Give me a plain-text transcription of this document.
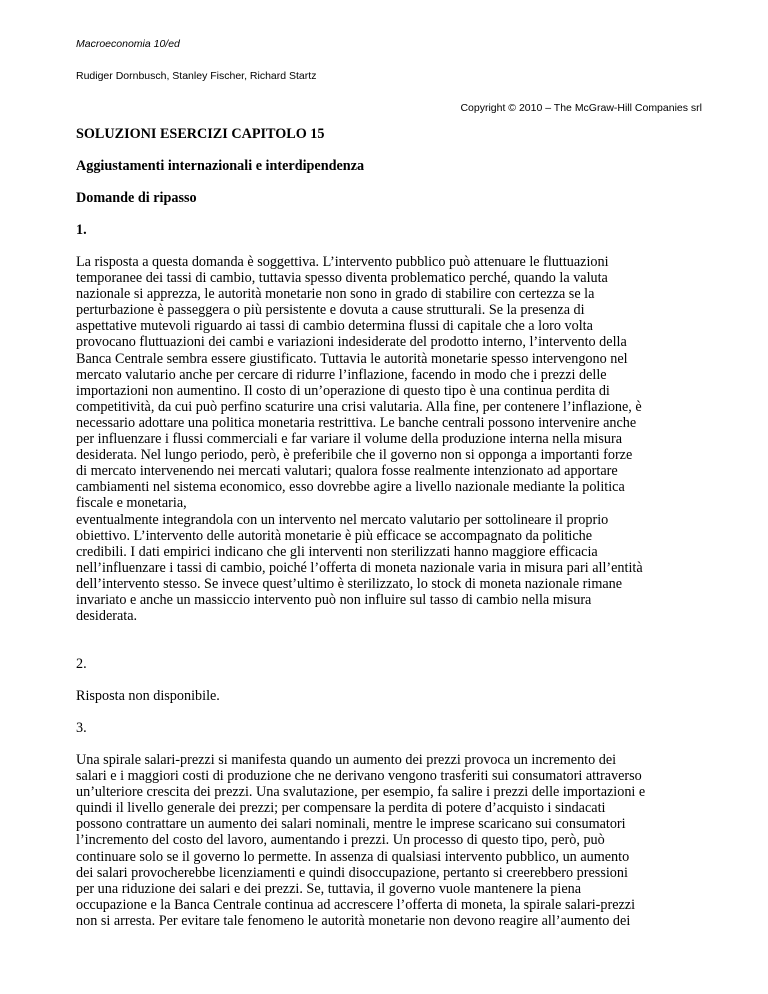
Macroeconomia 10/ed
Rudiger Dornbusch, Stanley Fischer, Richard Startz
Copyright © 2010 – The McGraw-Hill Companies srl
SOLUZIONI ESERCIZI CAPITOLO 15
Aggiustamenti internazionali e interdipendenza
Domande di ripasso
1.
La risposta a questa domanda è soggettiva. L’intervento pubblico può attenuare le fluttuazioni
temporanee dei tassi di cambio, tuttavia spesso diventa problematico perché, quando la valuta
nazionale si apprezza, le autorità monetarie non sono in grado di stabilire con certezza se la
perturbazione è passeggera o più persistente e dovuta a cause strutturali. Se la presenza di
aspettative mutevoli riguardo ai tassi di cambio determina flussi di capitale che a loro volta
provocano fluttuazioni dei cambi e variazioni indesiderate del prodotto interno, l’intervento della
Banca Centrale sembra essere giustificato. Tuttavia le autorità monetarie spesso intervengono nel
mercato valutario anche per cercare di ridurre l’inflazione, facendo in modo che i prezzi delle
importazioni non aumentino. Il costo di un’operazione di questo tipo è una continua perdita di
competitività, da cui può perfino scaturire una crisi valutaria. Alla fine, per contenere l’inflazione, è
necessario adottare una politica monetaria restrittiva. Le banche centrali possono intervenire anche
per influenzare i flussi commerciali e far variare il volume della produzione interna nella misura
desiderata. Nel lungo periodo, però, è preferibile che il governo non si opponga a importanti forze
di mercato intervenendo nei mercati valutari; qualora fosse realmente intenzionato ad apportare
cambiamenti nel sistema economico, esso dovrebbe agire a livello nazionale mediante la politica
fiscale e monetaria,
eventualmente integrandola con un intervento nel mercato valutario per sottolineare il proprio
obiettivo. L’intervento delle autorità monetarie è più efficace se accompagnato da politiche
credibili. I dati empirici indicano che gli interventi non sterilizzati hanno maggiore efficacia
nell’influenzare i tassi di cambio, poiché l’offerta di moneta nazionale varia in misura pari all’entità
dell’intervento stesso. Se invece quest’ultimo è sterilizzato, lo stock di moneta nazionale rimane
invariato e anche un massiccio intervento può non influire sul tasso di cambio nella misura
desiderata.
2.
Risposta non disponibile.
3.
Una spirale salari-prezzi si manifesta quando un aumento dei prezzi provoca un incremento dei
salari e i maggiori costi di produzione che ne derivano vengono trasferiti sui consumatori attraverso
un’ulteriore crescita dei prezzi. Una svalutazione, per esempio, fa salire i prezzi delle importazioni e
quindi il livello generale dei prezzi; per compensare la perdita di potere d’acquisto i sindacati
possono contrattare un aumento dei salari nominali, mentre le imprese scaricano sui consumatori
l’incremento del costo del lavoro, aumentando i prezzi. Un processo di questo tipo, però, può
continuare solo se il governo lo permette. In assenza di qualsiasi intervento pubblico, un aumento
dei salari provocherebbe licenziamenti e quindi disoccupazione, pertanto si creerebbero pressioni
per una riduzione dei salari e dei prezzi. Se, tuttavia, il governo vuole mantenere la piena
occupazione e la Banca Centrale continua ad accrescere l’offerta di moneta, la spirale salari-prezzi
non si arresta. Per evitare tale fenomeno le autorità monetarie non devono reagire all’aumento dei
